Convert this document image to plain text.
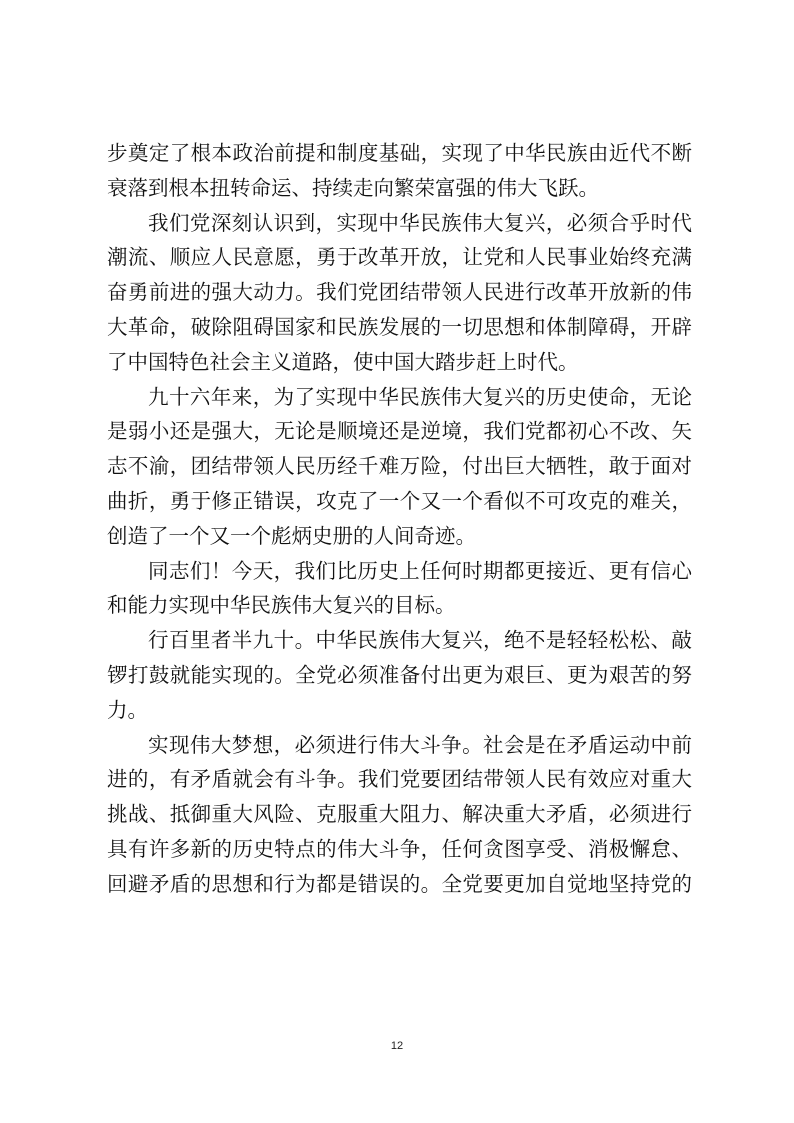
步奠定了根本政治前提和制度基础，实现了中华民族由近代不断
衰落到根本扭转命运、持续走向繁荣富强的伟大飞跃。
我们党深刻认识到，实现中华民族伟大复兴，必须合乎时代
潮流、顺应人民意愿，勇于改革开放，让党和人民事业始终充满
奋勇前进的强大动力。我们党团结带领人民进行改革开放新的伟
大革命，破除阻碍国家和民族发展的一切思想和体制障碍，开辟
了中国特色社会主义道路，使中国大踏步赶上时代。
九十六年来，为了实现中华民族伟大复兴的历史使命，无论
是弱小还是强大，无论是顺境还是逆境，我们党都初心不改、矢
志不渝，团结带领人民历经千难万险，付出巨大牺牲，敢于面对
曲折，勇于修正错误，攻克了一个又一个看似不可攻克的难关，
创造了一个又一个彪炳史册的人间奇迹。
同志们！今天，我们比历史上任何时期都更接近、更有信心
和能力实现中华民族伟大复兴的目标。
行百里者半九十。中华民族伟大复兴，绝不是轻轻松松、敲
锣打鼓就能实现的。全党必须准备付出更为艰巨、更为艰苦的努
力。
实现伟大梦想，必须进行伟大斗争。社会是在矛盾运动中前
进的，有矛盾就会有斗争。我们党要团结带领人民有效应对重大
挑战、抵御重大风险、克服重大阻力、解决重大矛盾，必须进行
具有许多新的历史特点的伟大斗争，任何贪图享受、消极懈怠、
回避矛盾的思想和行为都是错误的。全党要更加自觉地坚持党的
12
